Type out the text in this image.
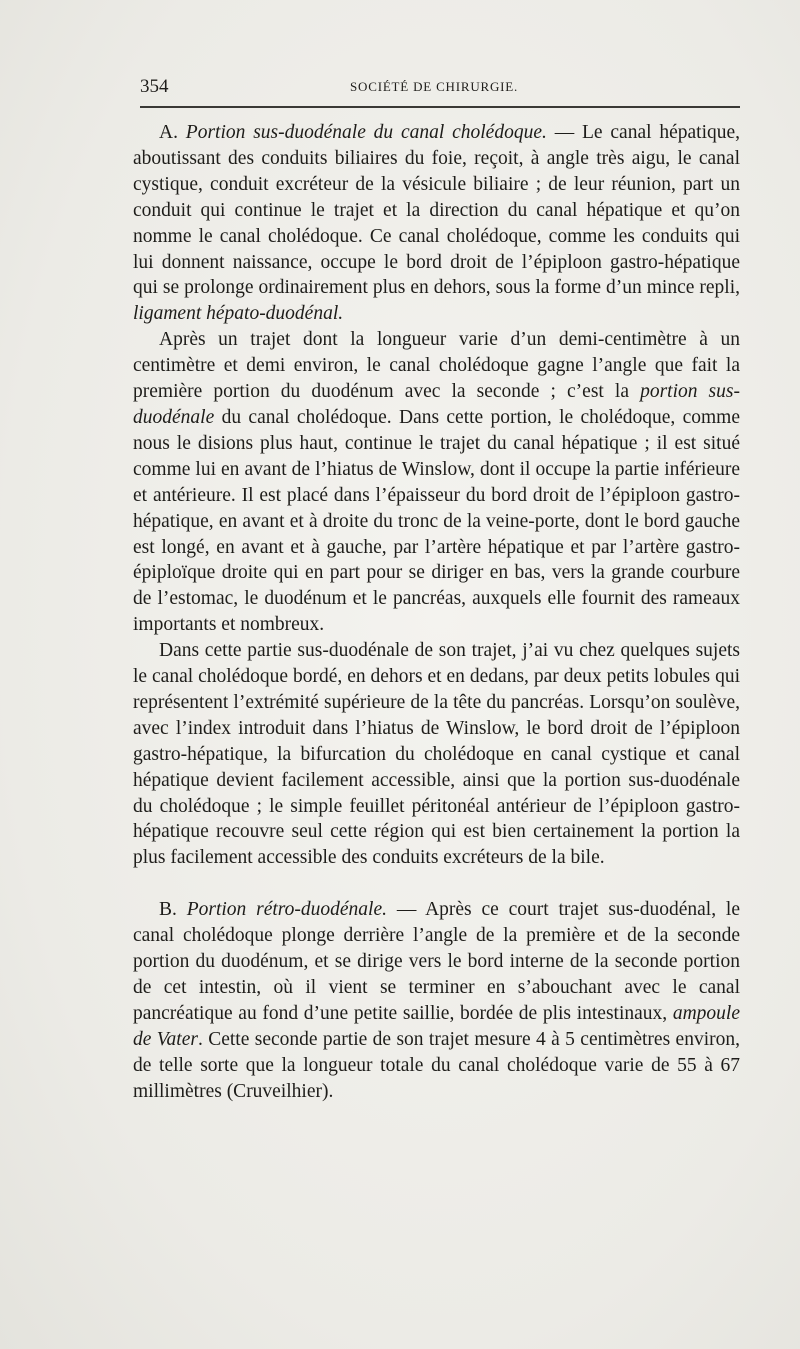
354	SOCIÉTÉ DE CHIRURGIE.

A. Portion sus-duodénale du canal cholédoque. — Le canal hépatique, aboutissant des conduits biliaires du foie, reçoit, à angle très aigu, le canal cystique, conduit excréteur de la vésicule biliaire ; de leur réunion, part un conduit qui continue le trajet et la direction du canal hépatique et qu’on nomme le canal cholédoque. Ce canal cholédoque, comme les conduits qui lui donnent naissance, occupe le bord droit de l’épiploon gastro-hépatique qui se prolonge ordinairement plus en dehors, sous la forme d’un mince repli, ligament hépato-duodénal.

Après un trajet dont la longueur varie d’un demi-centimètre à un centimètre et demi environ, le canal cholédoque gagne l’angle que fait la première portion du duodénum avec la seconde ; c’est la portion sus-duodénale du canal cholédoque. Dans cette portion, le cholédoque, comme nous le disions plus haut, continue le trajet du canal hépatique ; il est situé comme lui en avant de l’hiatus de Winslow, dont il occupe la partie inférieure et antérieure. Il est placé dans l’épaisseur du bord droit de l’épiploon gastro-hépatique, en avant et à droite du tronc de la veine-porte, dont le bord gauche est longé, en avant et à gauche, par l’artère hépatique et par l’artère gastro-épiploïque droite qui en part pour se diriger en bas, vers la grande courbure de l’estomac, le duodénum et le pancréas, auxquels elle fournit des rameaux importants et nombreux.

Dans cette partie sus-duodénale de son trajet, j’ai vu chez quelques sujets le canal cholédoque bordé, en dehors et en dedans, par deux petits lobules qui représentent l’extrémité supérieure de la tête du pancréas. Lorsqu’on soulève, avec l’index introduit dans l’hiatus de Winslow, le bord droit de l’épiploon gastro-hépatique, la bifurcation du cholédoque en canal cystique et canal hépatique devient facilement accessible, ainsi que la portion sus-duodénale du cholédoque ; le simple feuillet péritonéal antérieur de l’épiploon gastro-hépatique recouvre seul cette région qui est bien certainement la portion la plus facilement accessible des conduits excréteurs de la bile.

B. Portion rétro-duodénale. — Après ce court trajet sus-duodénal, le canal cholédoque plonge derrière l’angle de la première et de la seconde portion du duodénum, et se dirige vers le bord interne de la seconde portion de cet intestin, où il vient se terminer en s’abouchant avec le canal pancréatique au fond d’une petite saillie, bordée de plis intestinaux, ampoule de Vater. Cette seconde partie de son trajet mesure 4 à 5 centimètres environ, de telle sorte que la longueur totale du canal cholédoque varie de 55 à 67 millimètres (Cruveilhier).
